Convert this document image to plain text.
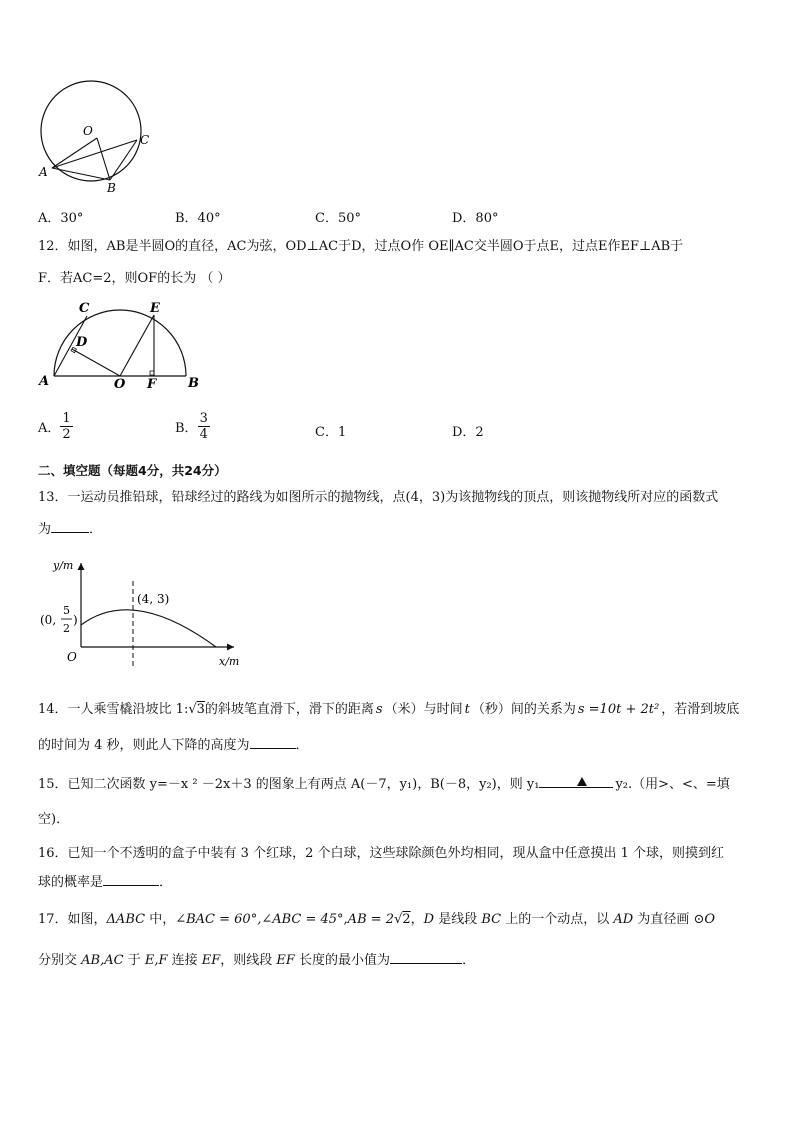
O
A
B
C
A．30°	B．40°	C．50°	D．80°
12．如图，AB是半圆O的直径，AC为弦，OD⊥AC于D，过点O作 OE∥AC交半圆O于点E，过点E作EF⊥AB于
F．若AC=2，则OF的长为 （ ）
C
D
E
A	O F B
A． $\frac{1}{2}$	B． $\frac{3}{4}$	C．1	D．2
二、填空题（每题4分，共24分）
13．一运动员推铅球，铅球经过的路线为如图所示的抛物线，点(4，3)为该抛物线的顶点，则该抛物线所对应的函数式
为	．
y/m
x/m
O
(4, 3)
(0,
5
2
)
14．一人乘雪橇沿坡比 1:√3的斜坡笔直滑下，滑下的距离 s （米）与时间 t （秒）间的关系为 s =10t + 2t² ，若滑到坡底
的时间为 4 秒，则此人下降的高度为	．
15．已知二次函数 y=－x ² －2x＋3 的图象上有两点 A(－7，y₁)，B(－8，y₂)，则 y₁	y₂.（用>、<、=填
空)．
16．已知一个不透明的盒子中装有 3 个红球，2 个白球，这些球除颜色外均相同，现从盒中任意摸出 1 个球，则摸到红
球的概率是	．
17．如图，ΔABC 中，∠BAC = 60°,∠ABC = 45°,AB = 2√2，D 是线段 BC 上的一个动点，以 AD 为直径画 ⊙O
分别交 AB,AC 于 E,F 连接 EF，则线段 EF 长度的最小值为	．
